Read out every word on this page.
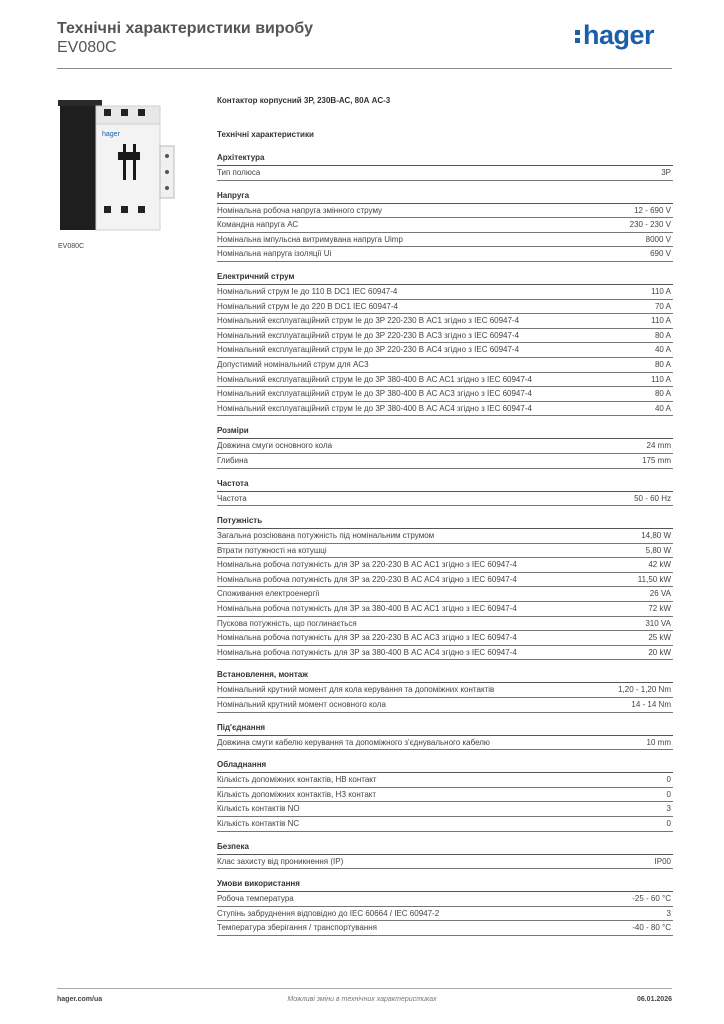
Технічні характеристики виробу
EV080C	hager
hager
EV080C
Контактор корпусний 3P, 230В-АС, 80А AC-3
Технічні характеристики
Архітектура
Тип полюса	3P
Напруга
Номінальна робоча напруга змінного струму	12 - 690 V
Командна напруга АС	230 - 230 V
Номінальна імпульсна витримувана напруга Uimp	8000 V
Номінальна напруга ізоляції Ui	690 V
Електричний струм
Номінальний струм Ie до 110 В DC1 IEC 60947-4	110 A
Номінальний струм Ie до 220 В DC1 IEC 60947-4	70 A
Номінальний експлуатаційний струм Ie до 3P 220-230 В AC1 згідно з IEC 60947-4	110 A
Номінальний експлуатаційний струм Ie до 3P 220-230 В AC3 згідно з IEC 60947-4	80 A
Номінальний експлуатаційний струм Ie до 3P 220-230 В AC4 згідно з IEC 60947-4	40 A
Допустимий номінальний струм для AC3	80 A
Номінальний експлуатаційний струм Ie до 3P 380-400 В AC AC1 згідно з IEC 60947-4	110 A
Номінальний експлуатаційний струм Ie до 3P 380-400 В AC AC3 згідно з IEC 60947-4	80 A
Номінальний експлуатаційний струм Ie до 3P 380-400 В AC AC4 згідно з IEC 60947-4	40 A
Розміри
Довжина смуги основного кола	24 mm
Глибина	175 mm
Частота
Частота	50 - 60 Hz
Потужність
Загальна розсіювана потужність під номінальним струмом	14,80 W
Втрати потужності на котушці	5,80 W
Номінальна робоча потужність для 3P за 220-230 В AC AC1 згідно з IEC 60947-4	42 kW
Номінальна робоча потужність для 3P за 220-230 В AC AC4 згідно з IEC 60947-4	11,50 kW
Споживання електроенергії	26 VA
Номінальна робоча потужність для 3P за 380-400 В AC AC1 згідно з IEC 60947-4	72 kW
Пускова потужність, що поглинається	310 VA
Номінальна робоча потужність для 3P за 220-230 В AC AC3 згідно з IEC 60947-4	25 kW
Номінальна робоча потужність для 3P за 380-400 В AC AC4 згідно з IEC 60947-4	20 kW
Встановлення, монтаж
Номінальний крутний момент для кола керування та допоміжних контактів	1,20 - 1,20 Nm
Номінальний крутний момент основного кола	14 - 14 Nm
Під'єднання
Довжина смуги кабелю керування та допоміжного з'єднувального кабелю	10 mm
Обладнання
Кількість допоміжних контактів, НВ контакт	0
Кількість допоміжних контактів, НЗ контакт	0
Кількість контактів NO	3
Кількість контактів NC	0
Безпека
Клас захисту від проникнення (IP)	IP00
Умови використання
Робоча температура	-25 - 60 °C
Ступінь забруднення відповідно до IEC 60664 / IEC 60947-2	3
Температура зберігання / транспортування	-40 - 80 °C
hager.com/ua	Можливі зміни в технічних характеристиках	06.01.2026
